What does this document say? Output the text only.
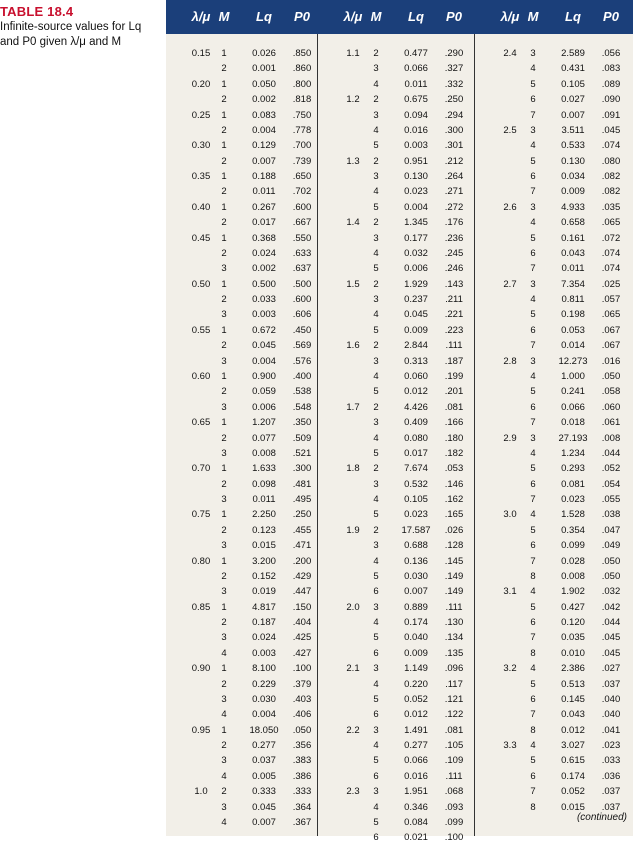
TABLE 18.4
Infinite-source values for Lq and P0 given λ/μ and M
λ/μ M	Lq	P0	λ/μ M	Lq	P0	λ/μ M	Lq	P0
(continued)
0.15	1	0.026	.850
2	0.001	.860
0.20	1	0.050	.800
2	0.002	.818
0.25	1	0.083	.750
2	0.004	.778
0.30	1	0.129	.700
2	0.007	.739
0.35	1	0.188	.650
2	0.011	.702
0.40	1	0.267	.600
2	0.017	.667
0.45	1	0.368	.550
2	0.024	.633
3	0.002	.637
0.50	1	0.500	.500
2	0.033	.600
3	0.003	.606
0.55	1	0.672	.450
2	0.045	.569
3	0.004	.576
0.60	1	0.900	.400
2	0.059	.538
3	0.006	.548
0.65	1	1.207	.350
2	0.077	.509
3	0.008	.521
0.70	1	1.633	.300
2	0.098	.481
3	0.011	.495
0.75	1	2.250	.250
2	0.123	.455
3	0.015	.471
0.80	1	3.200	.200
2	0.152	.429
3	0.019	.447
0.85	1	4.817	.150
2	0.187	.404
3	0.024	.425
4	0.003	.427
0.90	1	8.100	.100
2	0.229	.379
3	0.030	.403
4	0.004	.406
0.95	1	18.050	.050
2	0.277	.356
3	0.037	.383
4	0.005	.386
1.0	2	0.333	.333
3	0.045	.364
4	0.007	.367
1.1	2	0.477	.290
3	0.066	.327
4	0.011	.332
1.2	2	0.675	.250
3	0.094	.294
4	0.016	.300
5	0.003	.301
1.3	2	0.951	.212
3	0.130	.264
4	0.023	.271
5	0.004	.272
1.4	2	1.345	.176
3	0.177	.236
4	0.032	.245
5	0.006	.246
1.5	2	1.929	.143
3	0.237	.211
4	0.045	.221
5	0.009	.223
1.6	2	2.844	.111
3	0.313	.187
4	0.060	.199
5	0.012	.201
1.7	2	4.426	.081
3	0.409	.166
4	0.080	.180
5	0.017	.182
1.8	2	7.674	.053
3	0.532	.146
4	0.105	.162
5	0.023	.165
1.9	2	17.587	.026
3	0.688	.128
4	0.136	.145
5	0.030	.149
6	0.007	.149
2.0	3	0.889	.111
4	0.174	.130
5	0.040	.134
6	0.009	.135
2.1	3	1.149	.096
4	0.220	.117
5	0.052	.121
6	0.012	.122
2.2	3	1.491	.081
4	0.277	.105
5	0.066	.109
6	0.016	.111
2.3	3	1.951	.068
4	0.346	.093
5	0.084	.099
6	0.021	.100
2.4	3	2.589	.056
4	0.431	.083
5	0.105	.089
6	0.027	.090
7	0.007	.091
2.5	3	3.511	.045
4	0.533	.074
5	0.130	.080
6	0.034	.082
7	0.009	.082
2.6	3	4.933	.035
4	0.658	.065
5	0.161	.072
6	0.043	.074
7	0.011	.074
2.7	3	7.354	.025
4	0.811	.057
5	0.198	.065
6	0.053	.067
7	0.014	.067
2.8	3	12.273	.016
4	1.000	.050
5	0.241	.058
6	0.066	.060
7	0.018	.061
2.9	3	27.193	.008
4	1.234	.044
5	0.293	.052
6	0.081	.054
7	0.023	.055
3.0	4	1.528	.038
5	0.354	.047
6	0.099	.049
7	0.028	.050
8	0.008	.050
3.1	4	1.902	.032
5	0.427	.042
6	0.120	.044
7	0.035	.045
8	0.010	.045
3.2	4	2.386	.027
5	0.513	.037
6	0.145	.040
7	0.043	.040
8	0.012	.041
3.3	4	3.027	.023
5	0.615	.033
6	0.174	.036
7	0.052	.037
8	0.015	.037
